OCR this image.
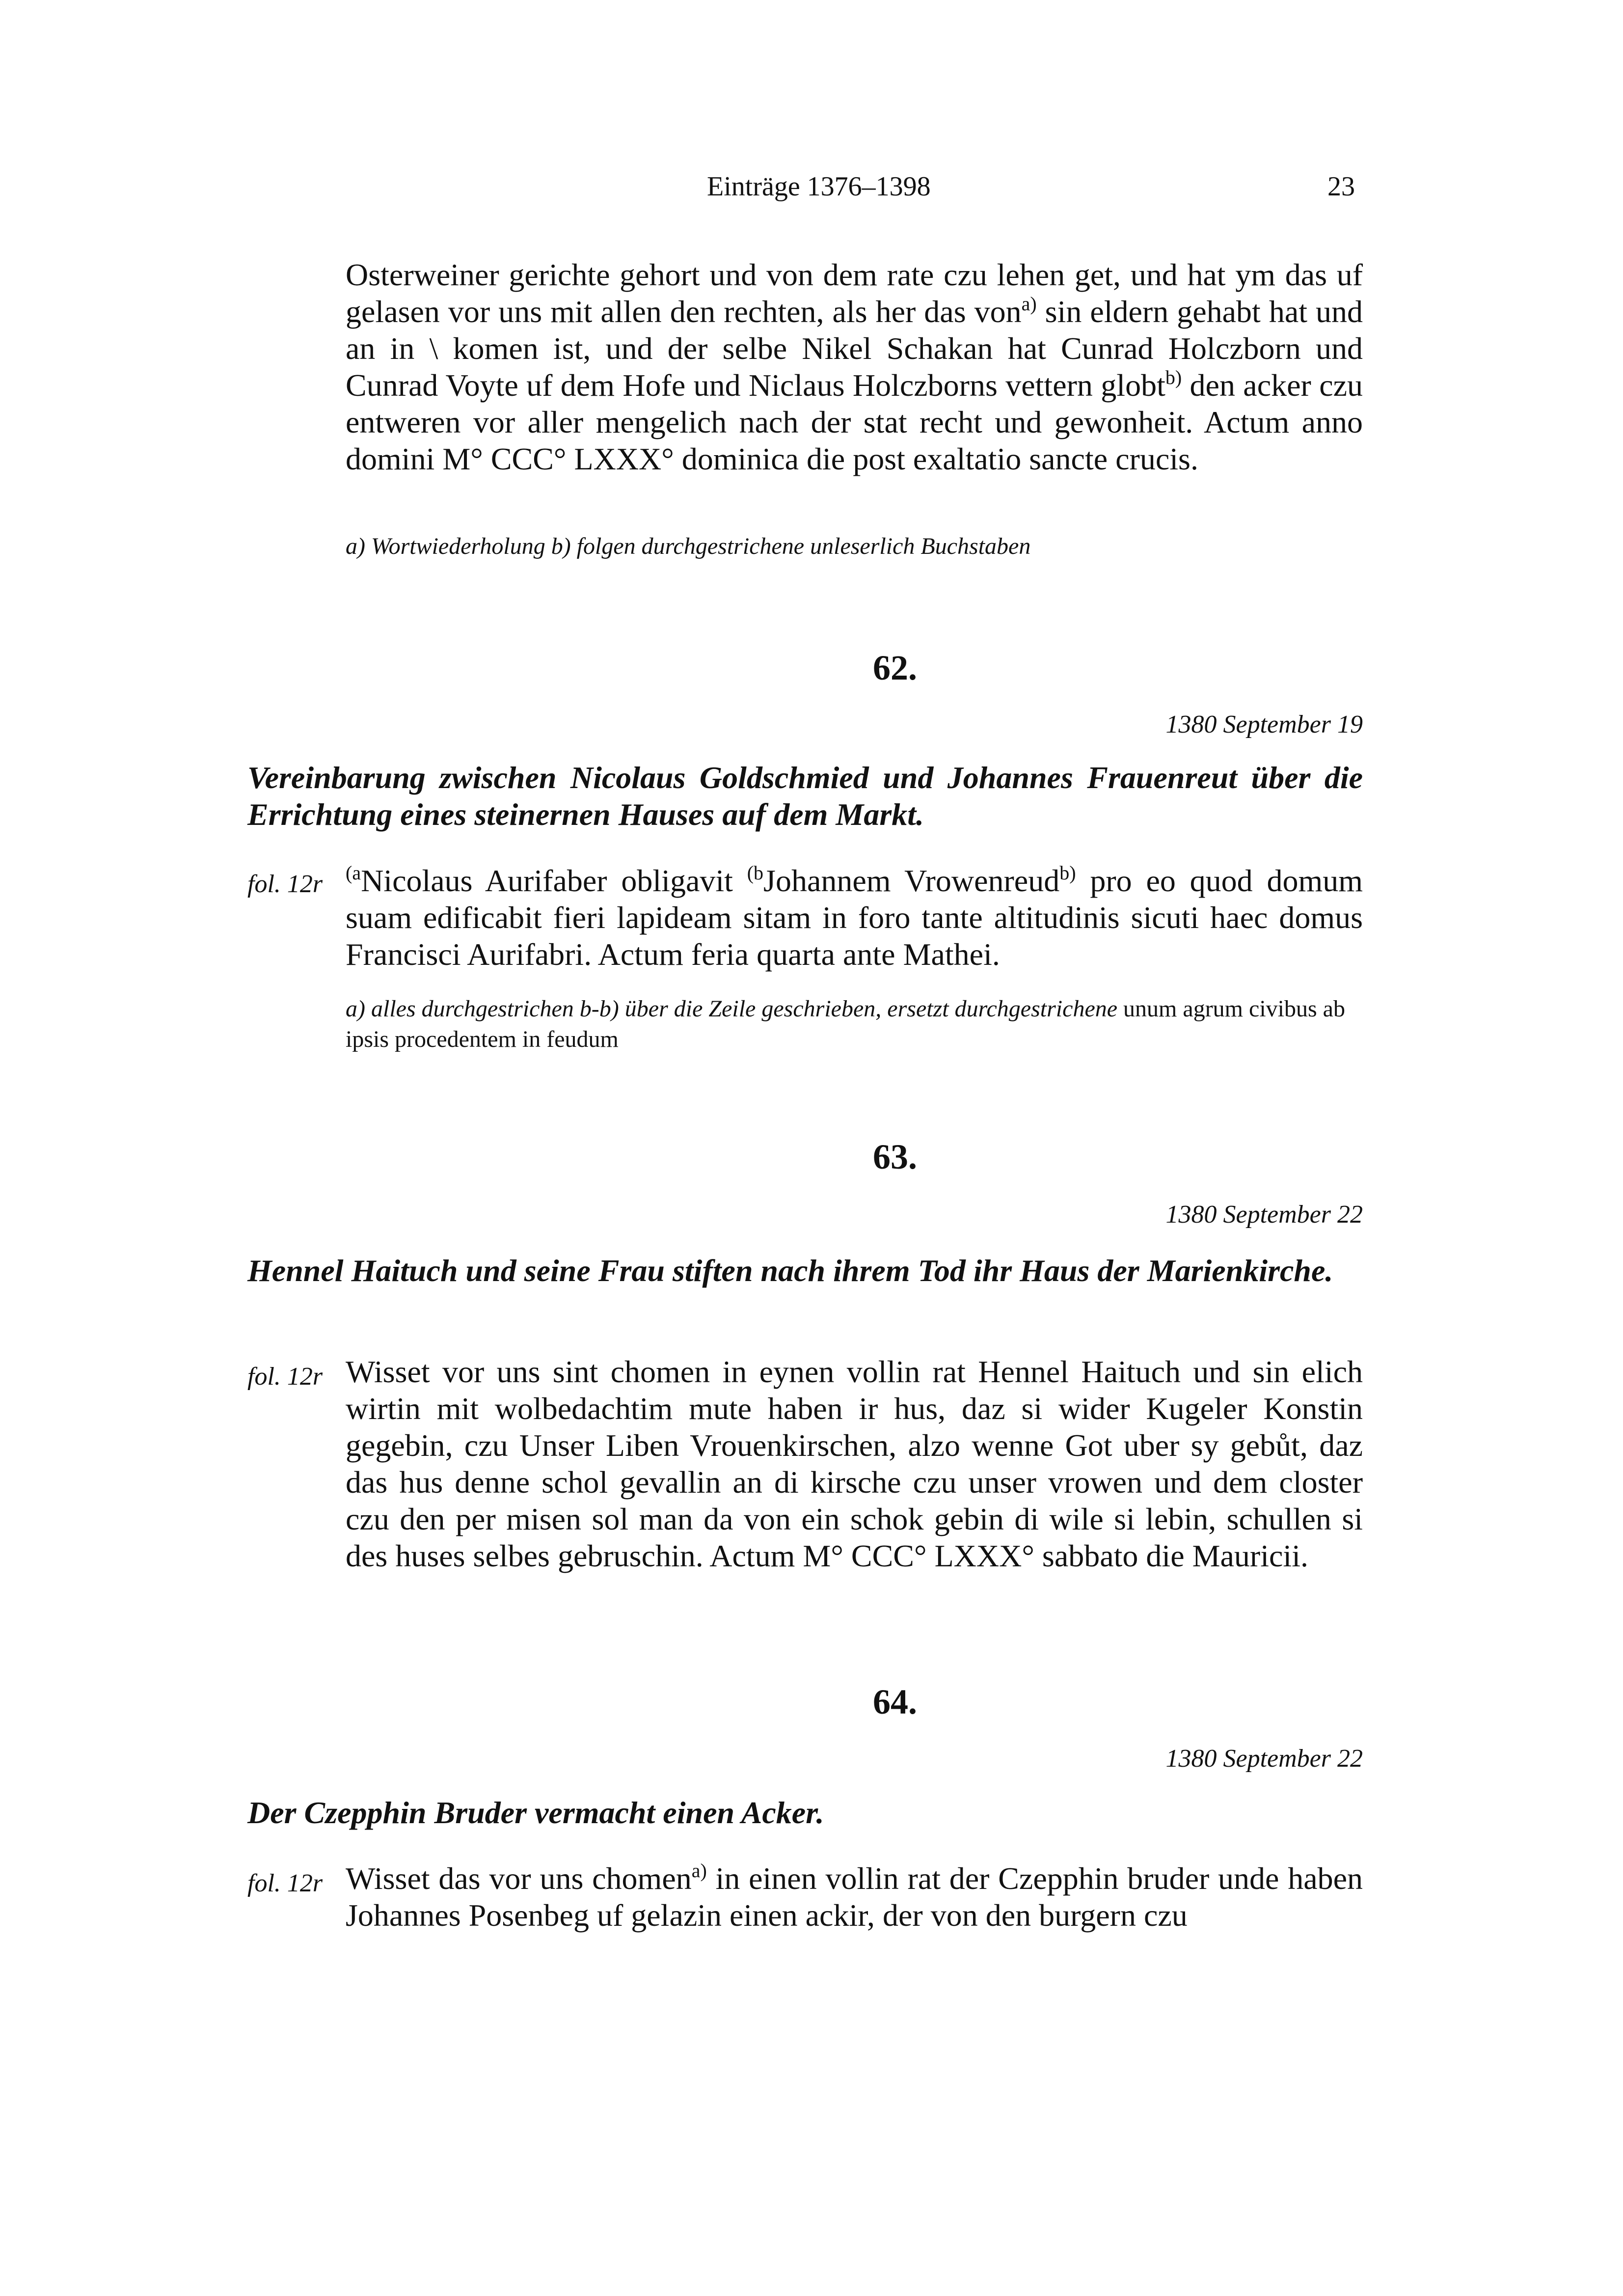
Einträge 1376–1398	23
Osterweiner gerichte gehort und von dem rate czu lehen get, und hat ym das uf gelasen vor uns mit allen den rechten, als her das von$^{a)}$ sin eldern gehabt hat und an in \ komen ist, und der selbe Nikel Schakan hat Cunrad Holczborn und Cunrad Voyte uf dem Hofe und Niclaus Holczborns vettern globt$^{b)}$ den acker czu entweren vor aller mengelich nach der stat recht und gewonheit. Actum anno domini M° CCC° LXXX° dominica die post exaltatio sancte crucis.
a) Wortwiederholung b) folgen durchgestrichene unleserlich Buchstaben
62.
1380 September 19
Vereinbarung zwischen Nicolaus Goldschmied und Johannes Frauenreut über die Errichtung eines steinernen Hauses auf dem Markt.
fol. 12r $^{(a}$Nicolaus Aurifaber obligavit $^{(b}$Johannem Vrowenreud$^{b)}$ pro eo quod domum suam edificabit fieri lapideam sitam in foro tante altitudinis sicuti haec domus Francisci Aurifabri. Actum feria quarta ante Mathei.
a) alles durchgestrichen b-b) über die Zeile geschrieben, ersetzt durchgestrichene unum agrum civibus ab ipsis procedentem in feudum
63.
1380 September 22
Hennel Haituch und seine Frau stiften nach ihrem Tod ihr Haus der Marienkirche.
fol. 12r Wisset vor uns sint chomen in eynen vollin rat Hennel Haituch und sin elich wirtin mit wolbedachtim mute haben ir hus, daz si wider Kugeler Konstin gegebin, czu Unser Liben Vrouenkirschen, alzo wenne Got uber sy gebůt, daz das hus denne schol gevallin an di kirsche czu unser vrowen und dem closter czu den per misen sol man da von ein schok gebin di wile si lebin, schullen si des huses selbes gebruschin. Actum M° CCC° LXXX° sabbato die Mauricii.
64.
1380 September 22
Der Czepphin Bruder vermacht einen Acker.
fol. 12r Wisset das vor uns chomen$^{a)}$ in einen vollin rat der Czepphin bruder unde haben Johannes Posenbeg uf gelazin einen ackir, der von den burgern czu
